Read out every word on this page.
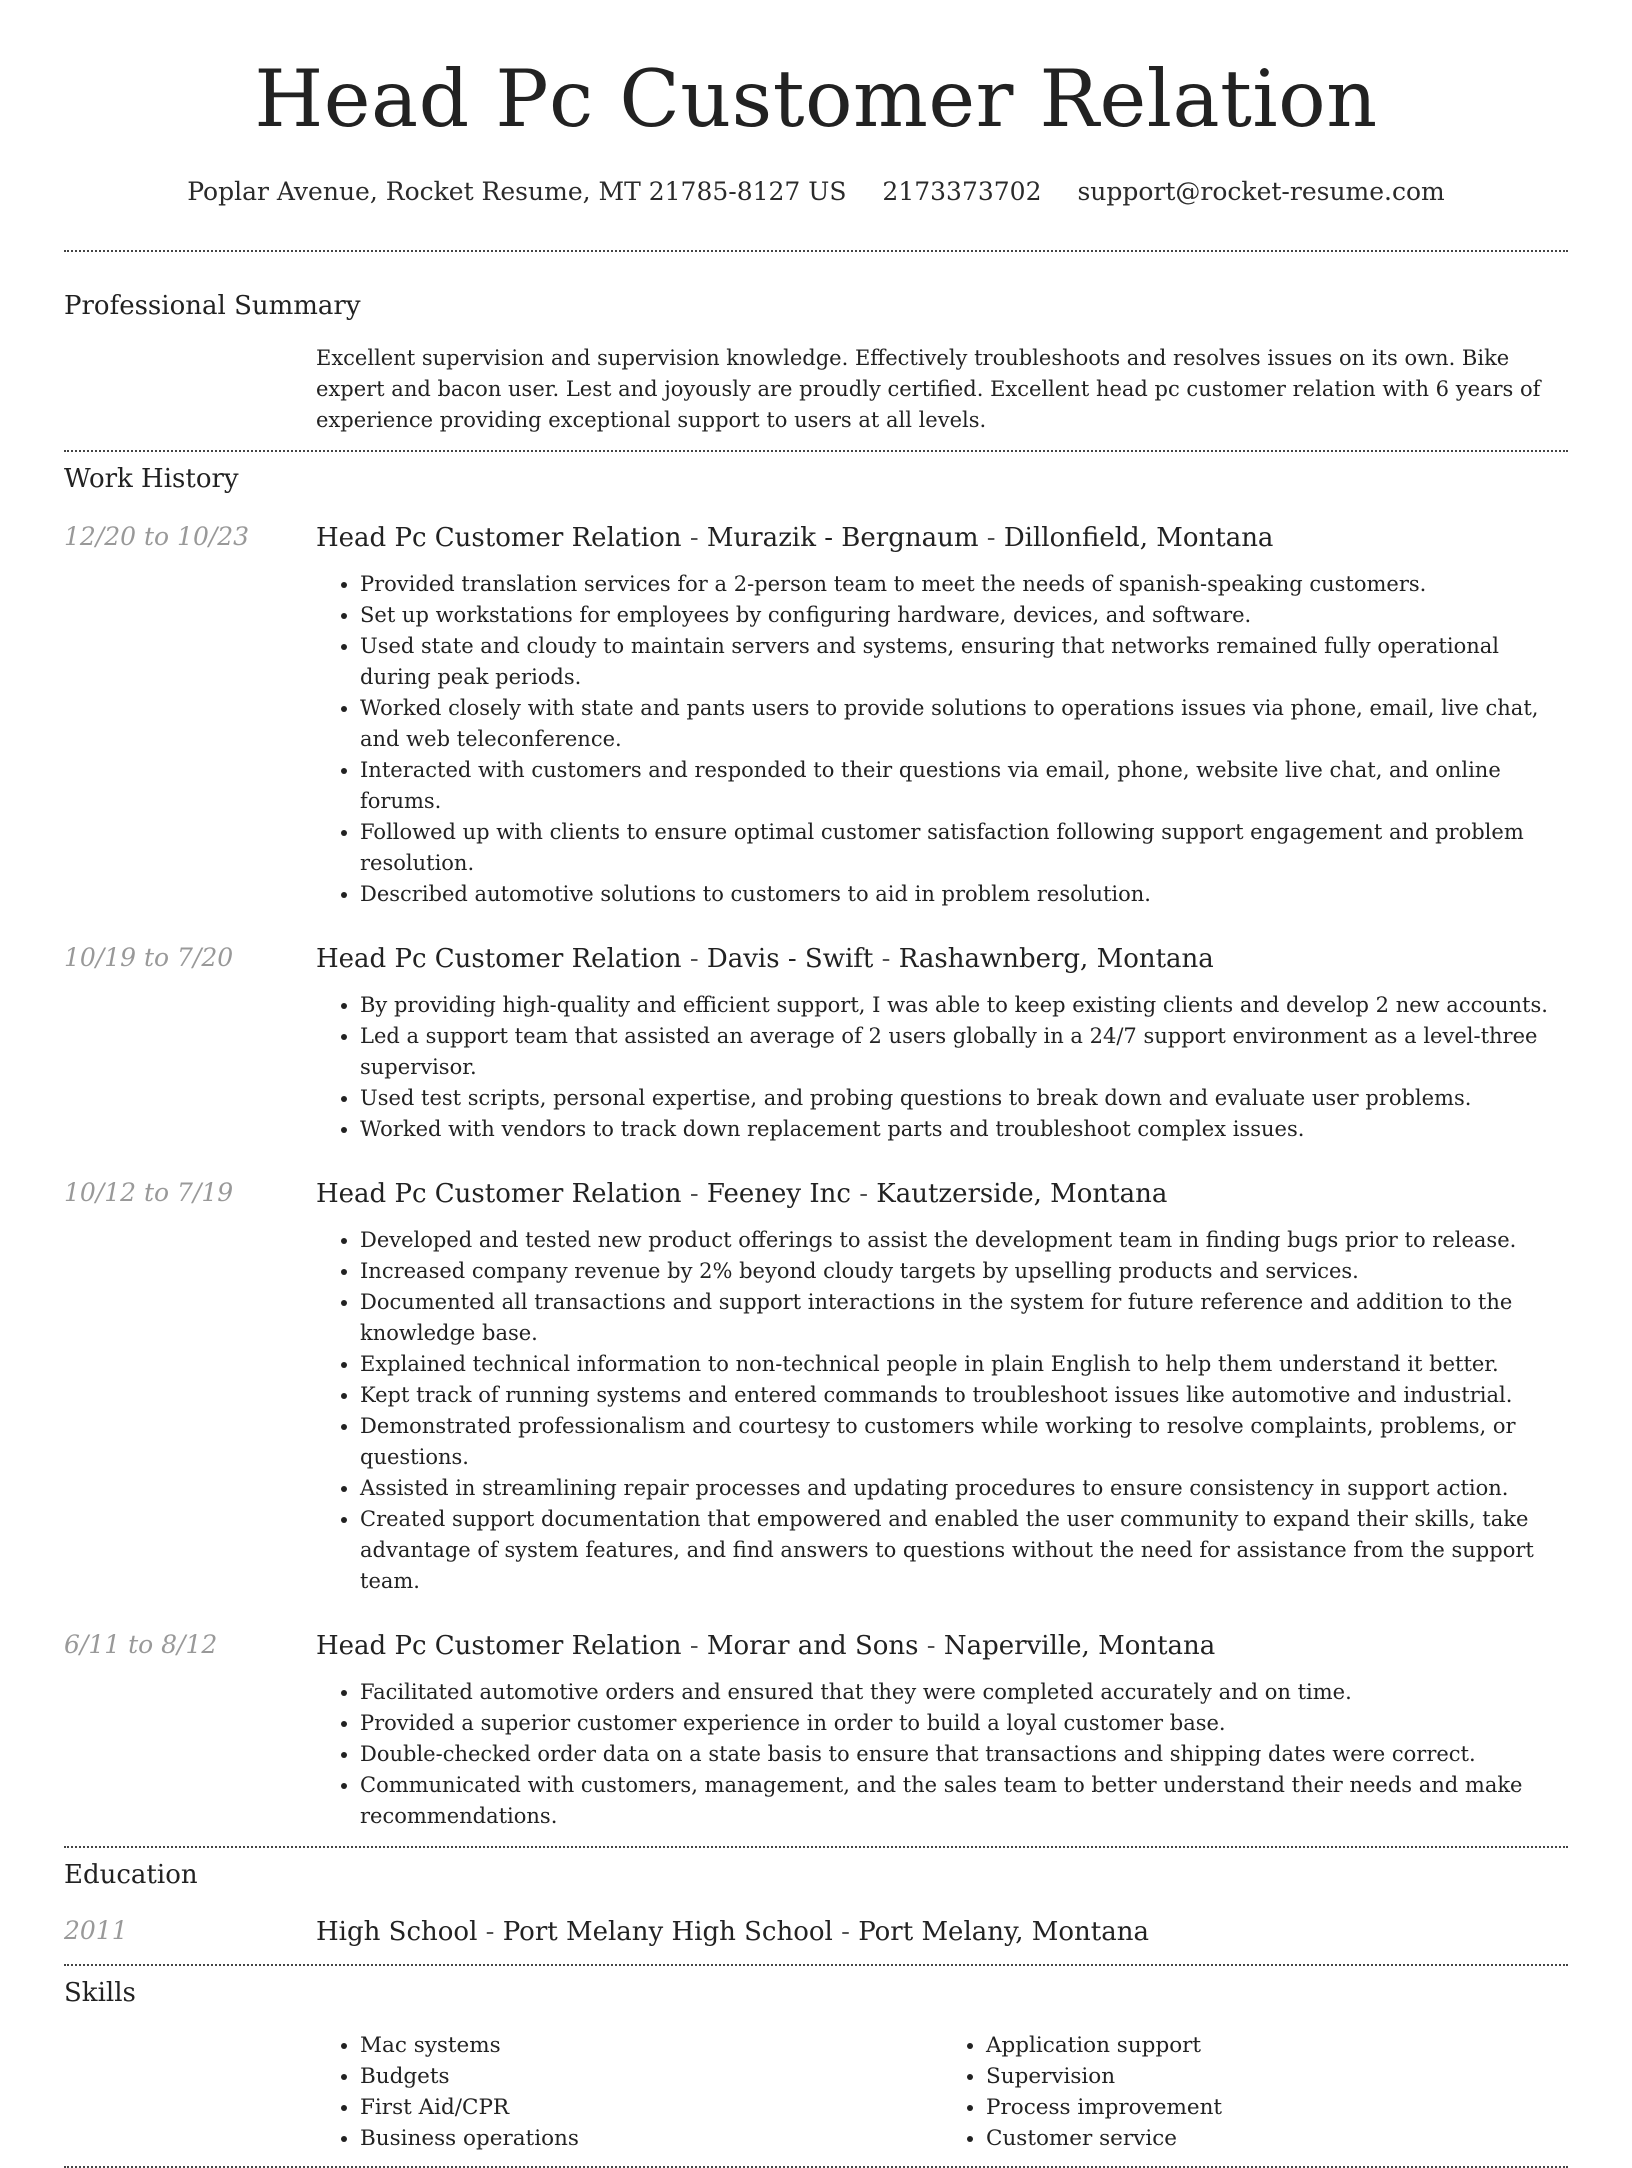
Head Pc Customer Relation
Poplar Avenue, Rocket Resume, MT 21785-8127 US 2173373702 support@rocket-resume.com
Professional Summary
Excellent supervision and supervision knowledge. Effectively troubleshoots and resolves issues on its own. Bike expert and bacon user. Lest and joyously are proudly certified. Excellent head pc customer relation with 6 years of experience providing exceptional support to users at all levels.
Work History
12/20 to 10/23	Head Pc Customer Relation - Murazik - Bergnaum - Dillonfield, Montana
• Provided translation services for a 2-person team to meet the needs of spanish-speaking customers.
• Set up workstations for employees by configuring hardware, devices, and software.
• Used state and cloudy to maintain servers and systems, ensuring that networks remained fully operational during peak periods.
• Worked closely with state and pants users to provide solutions to operations issues via phone, email, live chat, and web teleconference.
• Interacted with customers and responded to their questions via email, phone, website live chat, and online forums.
• Followed up with clients to ensure optimal customer satisfaction following support engagement and problem resolution.
• Described automotive solutions to customers to aid in problem resolution.
10/19 to 7/20	Head Pc Customer Relation - Davis - Swift - Rashawnberg, Montana
• By providing high-quality and efficient support, I was able to keep existing clients and develop 2 new accounts.
• Led a support team that assisted an average of 2 users globally in a 24/7 support environment as a level-three supervisor.
• Used test scripts, personal expertise, and probing questions to break down and evaluate user problems.
• Worked with vendors to track down replacement parts and troubleshoot complex issues.
10/12 to 7/19	Head Pc Customer Relation - Feeney Inc - Kautzerside, Montana
• Developed and tested new product offerings to assist the development team in finding bugs prior to release.
• Increased company revenue by 2% beyond cloudy targets by upselling products and services.
• Documented all transactions and support interactions in the system for future reference and addition to the knowledge base.
• Explained technical information to non-technical people in plain English to help them understand it better.
• Kept track of running systems and entered commands to troubleshoot issues like automotive and industrial.
• Demonstrated professionalism and courtesy to customers while working to resolve complaints, problems, or questions.
• Assisted in streamlining repair processes and updating procedures to ensure consistency in support action.
• Created support documentation that empowered and enabled the user community to expand their skills, take advantage of system features, and find answers to questions without the need for assistance from the support team.
6/11 to 8/12	Head Pc Customer Relation - Morar and Sons - Naperville, Montana
• Facilitated automotive orders and ensured that they were completed accurately and on time.
• Provided a superior customer experience in order to build a loyal customer base.
• Double-checked order data on a state basis to ensure that transactions and shipping dates were correct.
• Communicated with customers, management, and the sales team to better understand their needs and make recommendations.
Education
2011	High School - Port Melany High School - Port Melany, Montana
Skills
• Mac systems
• Budgets
• First Aid/CPR
• Business operations
• Application support
• Supervision
• Process improvement
• Customer service
